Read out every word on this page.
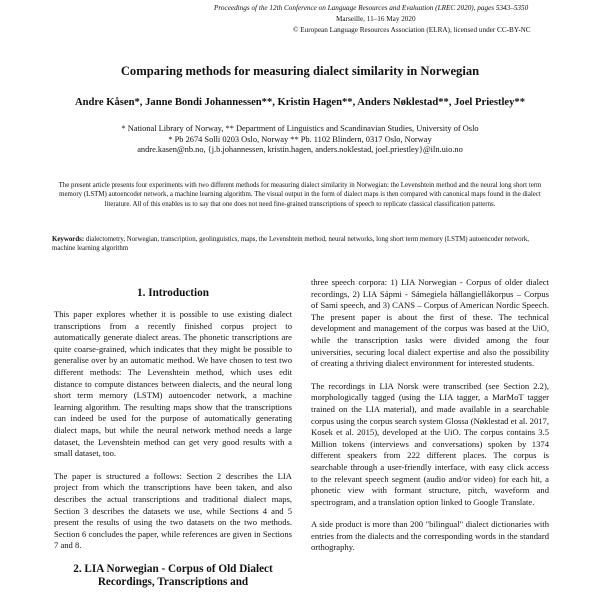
Proceedings of the 12th Conference on Language Resources and Evaluation (LREC 2020), pages 5343–5350
Marseille, 11–16 May 2020
© European Language Resources Association (ELRA), licensed under CC-BY-NC
Comparing methods for measuring dialect similarity in Norwegian
Andre Kåsen*, Janne Bondi Johannessen**, Kristin Hagen**, Anders Nøklestad**, Joel Priestley**
* National Library of Norway, ** Department of Linguistics and Scandinavian Studies, University of Oslo
* Pb 2674 Solli 0203 Oslo, Norway ** Pb. 1102 Blindern, 0317 Oslo, Norway
andre.kasen@nb.no, {j.b.johannessen, kristin.hagen, anders.noklestad, joel.priestley}@iln.uio.no
The present article presents four experiments with two different methods for measuring dialect similarity in Norwegian: the Levenshtein method and the neural long short term memory (LSTM) autoencoder network, a machine learning algorithm. The visual output in the form of dialect maps is then compared with canonical maps found in the dialect literature. All of this enables us to say that one does not need fine-grained transcriptions of speech to replicate classical classification patterns.
Keywords: dialectometry, Norwegian, transcription, geolinguistics, maps, the Levenshtein method, neural networks, long short term memory (LSTM) autoencoder network, machine learning algorithm
1. Introduction

This paper explores whether it is possible to use existing dialect transcriptions from a recently finished corpus project to automatically generate dialect areas. The phonetic transcriptions are quite coarse-grained, which indicates that they might be possible to generalise over by an automatic method. We have chosen to test two different methods: The Levenshtein method, which uses edit distance to compute distances between dialects, and the neural long short term memory (LSTM) autoencoder network, a machine learning algorithm. The resulting maps show that the transcriptions can indeed be used for the purpose of automatically generating dialect maps, but while the neural network method needs a large dataset, the Levenshtein method can get very good results with a small dataset, too.

The paper is structured a follows: Section 2 describes the LIA project from which the transcriptions have been taken, and also describes the actual transcriptions and traditional dialect maps, Section 3 describes the datasets we use, while Sections 4 and 5 present the results of using the two datasets on the two methods. Section 6 concludes the paper, while references are given in Sections 7 and 8.

2. LIA Norwegian - Corpus of Old Dialect Recordings, Transcriptions and

three speech corpora: 1) LIA Norwegian - Corpus of older dialect recordings, 2) LIA Sápmi - Sámegiela hállangiellákorpus – Corpus of Sami speech, and 3) CANS – Corpus of American Nordic Speech. The present paper is about the first of these. The technical development and management of the corpus was based at the UiO, while the transcription tasks were divided among the four universities, securing local dialect expertise and also the possibility of creating a thriving dialect environment for interested students.

The recordings in LIA Norsk were transcribed (see Section 2.2), morphologically tagged (using the LIA tagger, a MarMoT tagger trained on the LIA material), and made available in a searchable corpus using the corpus search system Glossa (Nøklestad et al. 2017, Kosek et al. 2015), developed at the UiO. The corpus contains 3.5 Million tokens (interviews and conversations) spoken by 1374 different speakers from 222 different places. The corpus is searchable through a user-friendly interface, with easy click access to the relevant speech segment (audio and/or video) for each hit, a phonetic view with formant structure, pitch, waveform and spectrogram, and a translation option linked to Google Translate.

A side product is more than 200 "bilingual" dialect dictionaries with entries from the dialects and the corresponding words in the standard orthography.
